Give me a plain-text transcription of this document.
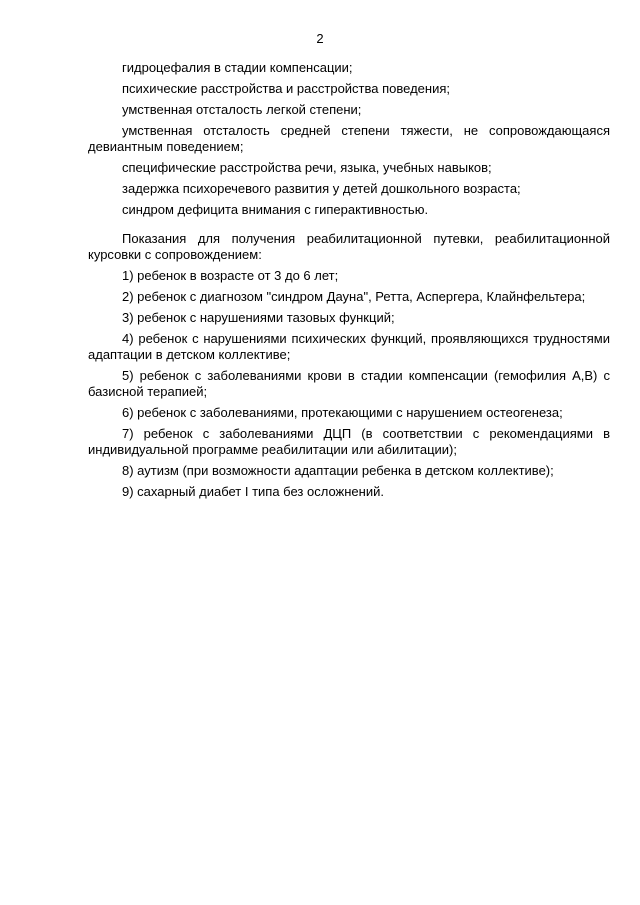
2

гидроцефалия в стадии компенсации;

психические расстройства и расстройства поведения;

умственная отсталость легкой степени;

умственная отсталость средней степени тяжести, не сопровождающаяся девиантным поведением;

специфические расстройства речи, языка, учебных навыков;

задержка психоречевого развития у детей дошкольного возраста;

синдром дефицита внимания с гиперактивностью.

Показания для получения реабилитационной путевки, реабилитационной курсовки с сопровождением:

1) ребенок в возрасте от 3 до 6 лет;

2) ребенок с диагнозом "синдром Дауна", Ретта, Аспергера, Клайнфельтера;

3) ребенок с нарушениями тазовых функций;

4) ребенок с нарушениями психических функций, проявляющихся трудностями адаптации в детском коллективе;

5) ребенок с заболеваниями крови в стадии компенсации (гемофилия А,В) с базисной терапией;

6) ребенок с заболеваниями, протекающими с нарушением остеогенеза;

7) ребенок с заболеваниями ДЦП (в соответствии с рекомендациями в индивидуальной программе реабилитации или абилитации);

8) аутизм (при возможности адаптации ребенка в детском коллективе);

9) сахарный диабет I типа без осложнений.
